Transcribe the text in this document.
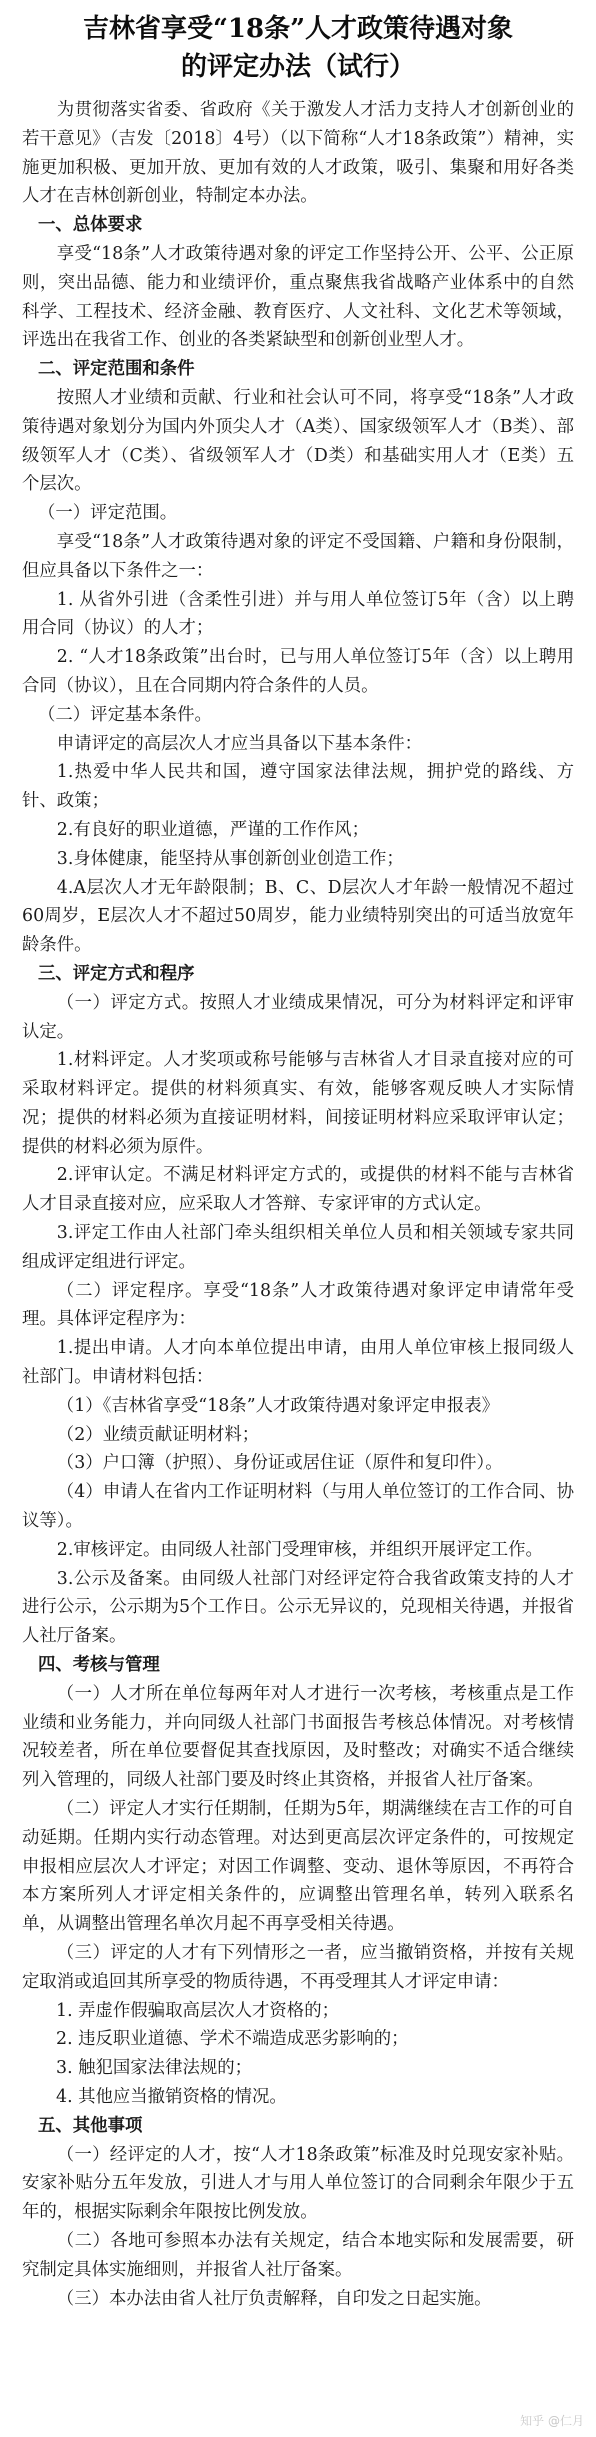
吉林省享受“18条”人才政策待遇对象
的评定办法（试行）

为贯彻落实省委、省政府《关于激发人才活力支持人才创新创业的若干意见》（吉发〔2018〕4号）（以下简称“人才18条政策”）精神，实施更加积极、更加开放、更加有效的人才政策，吸引、集聚和用好各类人才在吉林创新创业，特制定本办法。

一、总体要求

享受“18条”人才政策待遇对象的评定工作坚持公开、公平、公正原则，突出品德、能力和业绩评价，重点聚焦我省战略产业体系中的自然科学、工程技术、经济金融、教育医疗、人文社科、文化艺术等领域，评选出在我省工作、创业的各类紧缺型和创新创业型人才。

二、评定范围和条件

按照人才业绩和贡献、行业和社会认可不同，将享受“18条”人才政策待遇对象划分为国内外顶尖人才（A类）、国家级领军人才（B类）、部级领军人才（C类）、省级领军人才（D类）和基础实用人才（E类）五个层次。

（一）评定范围。

享受“18条”人才政策待遇对象的评定不受国籍、户籍和身份限制，但应具备以下条件之一：

1. 从省外引进（含柔性引进）并与用人单位签订5年（含）以上聘用合同（协议）的人才；

2. “人才18条政策”出台时，已与用人单位签订5年（含）以上聘用合同（协议），且在合同期内符合条件的人员。

（二）评定基本条件。

申请评定的高层次人才应当具备以下基本条件：

1.热爱中华人民共和国，遵守国家法律法规，拥护党的路线、方针、政策；

2.有良好的职业道德，严谨的工作作风；

3.身体健康，能坚持从事创新创业创造工作；

4.A层次人才无年龄限制；B、C、D层次人才年龄一般情况不超过60周岁，E层次人才不超过50周岁，能力业绩特别突出的可适当放宽年龄条件。

三、评定方式和程序

（一）评定方式。按照人才业绩成果情况，可分为材料评定和评审认定。

1.材料评定。人才奖项或称号能够与吉林省人才目录直接对应的可采取材料评定。提供的材料须真实、有效，能够客观反映人才实际情况；提供的材料必须为直接证明材料，间接证明材料应采取评审认定；提供的材料必须为原件。

2.评审认定。不满足材料评定方式的，或提供的材料不能与吉林省人才目录直接对应，应采取人才答辩、专家评审的方式认定。

3.评定工作由人社部门牵头组织相关单位人员和相关领域专家共同组成评定组进行评定。

（二）评定程序。享受“18条”人才政策待遇对象评定申请常年受理。具体评定程序为：

1.提出申请。人才向本单位提出申请，由用人单位审核上报同级人社部门。申请材料包括：

（1）《吉林省享受“18条”人才政策待遇对象评定申报表》

（2）业绩贡献证明材料；

（3）户口簿（护照）、身份证或居住证（原件和复印件）。

（4）申请人在省内工作证明材料（与用人单位签订的工作合同、协议等）。

2.审核评定。由同级人社部门受理审核，并组织开展评定工作。

3.公示及备案。由同级人社部门对经评定符合我省政策支持的人才进行公示，公示期为5个工作日。公示无异议的，兑现相关待遇，并报省人社厅备案。

四、考核与管理

（一）人才所在单位每两年对人才进行一次考核，考核重点是工作业绩和业务能力，并向同级人社部门书面报告考核总体情况。对考核情况较差者，所在单位要督促其查找原因，及时整改；对确实不适合继续列入管理的，同级人社部门要及时终止其资格，并报省人社厅备案。

（二）评定人才实行任期制，任期为5年，期满继续在吉工作的可自动延期。任期内实行动态管理。对达到更高层次评定条件的，可按规定申报相应层次人才评定；对因工作调整、变动、退休等原因，不再符合本方案所列人才评定相关条件的，应调整出管理名单，转列入联系名单，从调整出管理名单次月起不再享受相关待遇。

（三）评定的人才有下列情形之一者，应当撤销资格，并按有关规定取消或追回其所享受的物质待遇，不再受理其人才评定申请：

1. 弄虚作假骗取高层次人才资格的；

2. 违反职业道德、学术不端造成恶劣影响的；

3. 触犯国家法律法规的；

4. 其他应当撤销资格的情况。

五、其他事项

（一）经评定的人才，按“人才18条政策”标准及时兑现安家补贴。安家补贴分五年发放，引进人才与用人单位签订的合同剩余年限少于五年的，根据实际剩余年限按比例发放。

（二）各地可参照本办法有关规定，结合本地实际和发展需要，研究制定具体实施细则，并报省人社厅备案。

（三）本办法由省人社厅负责解释，自印发之日起实施。

知乎 @仁月
